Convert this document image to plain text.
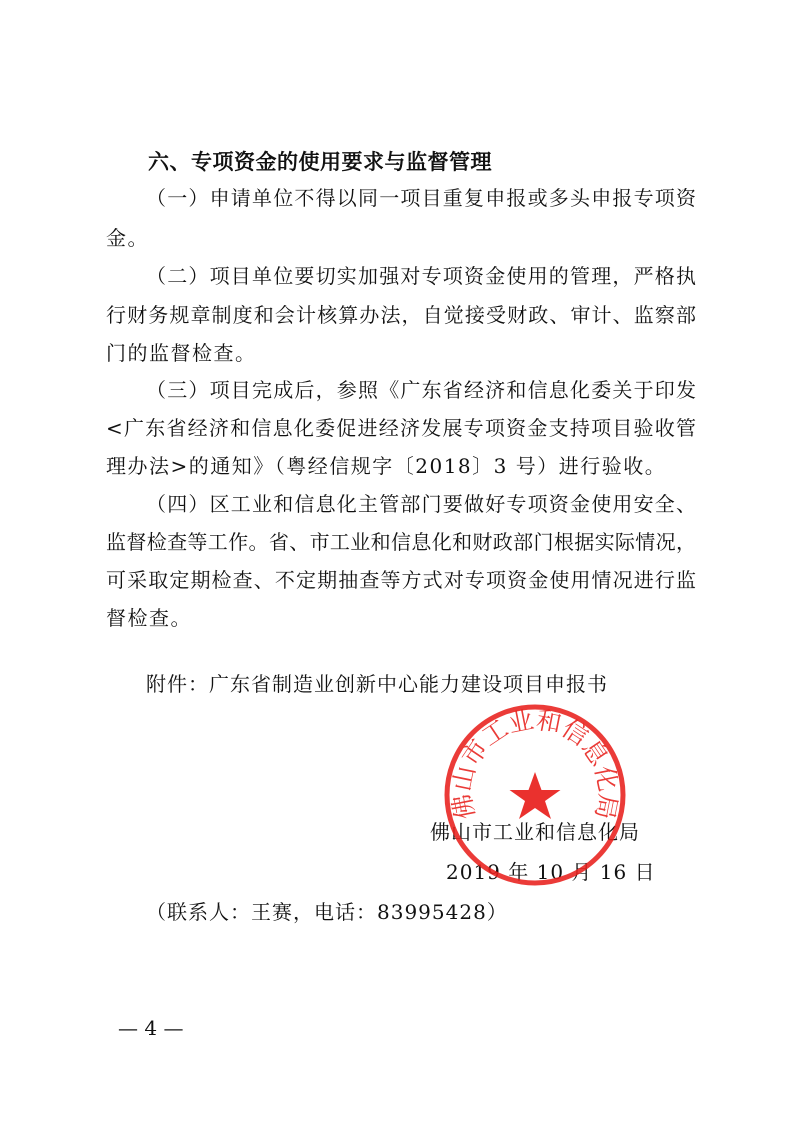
六、专项资金的使用要求与监督管理
（一）申请单位不得以同一项目重复申报或多头申报专项资
金。
（二）项目单位要切实加强对专项资金使用的管理，严格执
行财务规章制度和会计核算办法，自觉接受财政、审计、监察部
门的监督检查。
（三）项目完成后，参照《广东省经济和信息化委关于印发
<广东省经济和信息化委促进经济发展专项资金支持项目验收管
理办法>的通知》（粤经信规字〔2018〕3 号）进行验收。
（四）区工业和信息化主管部门要做好专项资金使用安全、
监督检查等工作。省、市工业和信息化和财政部门根据实际情况，
可采取定期检查、不定期抽查等方式对专项资金使用情况进行监
督检查。
附件：广东省制造业创新中心能力建设项目申报书
佛山市工业和信息化局
2019 年 10 月 16 日
佛山市工业和信息化局
（联系人：王赛，电话：83995428）
— 4 —
